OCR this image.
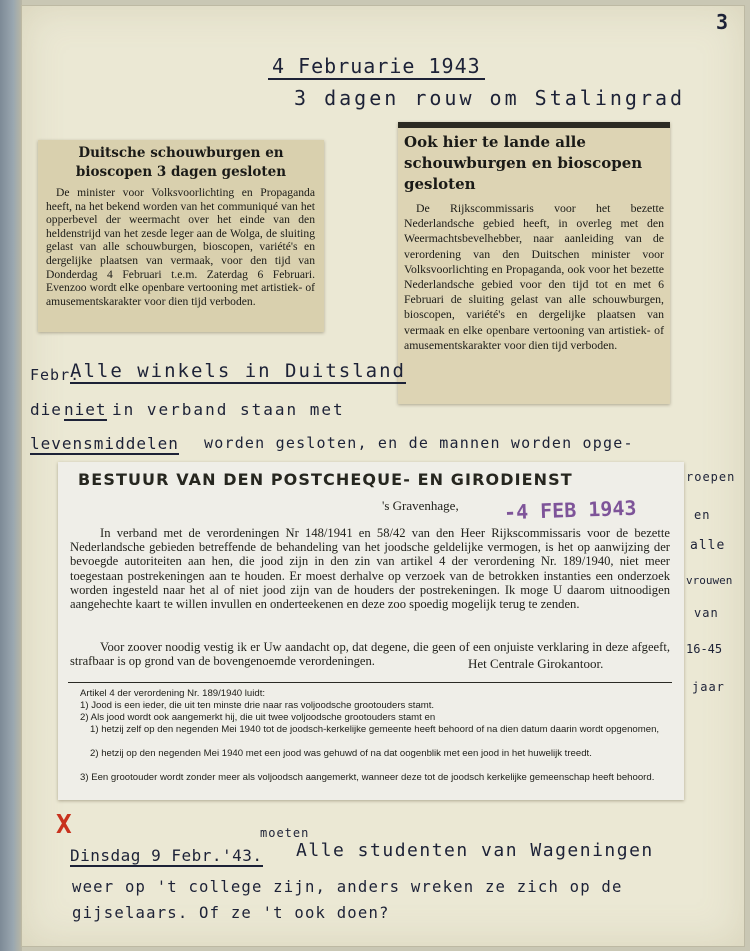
3
4 Februarie 1943
3 dagen rouw om Stalingrad
Duitsche schouwburgen en bioscopen 3 dagen gesloten
De minister voor Volksvoorlichting en Propaganda heeft, na het bekend worden van het communiqué van het opperbevel der weermacht over het einde van den heldenstrijd van het zesde leger aan de Wolga, de sluiting gelast van alle schouwburgen, bioscopen, variété's en dergelijke plaatsen van vermaak, voor den tijd van Donderdag 4 Februari t.e.m. Zaterdag 6 Februari. Evenzoo wordt elke openbare vertooning met artistiek- of amusementskarakter voor dien tijd verboden.
Ook hier te lande alle schouwburgen en bioscopen gesloten
De Rijkscommissaris voor het bezette Nederlandsche gebied heeft, in overleg met den Weermachtsbevelhebber, naar aanleiding van de verordening van den Duitschen minister voor Volksvoorlichting en Propaganda, ook voor het bezette Nederlandsche gebied voor den tijd tot en met 6 Februari de sluiting gelast van alle schouwburgen, bioscopen, variété's en dergelijke plaatsen van vermaak en elke openbare vertooning van artistiek- of amusementskarakter voor dien tijd verboden.
Febr.
Alle winkels in Duitsland
die niet in verband staan met
levensmiddelen worden gesloten, en de mannen worden opge-
roepen
en
alle
vrouwen
van
16-45
jaar
BESTUUR VAN DEN POSTCHEQUE- EN GIRODIENST
's Gravenhage, -4 FEB 1943
In verband met de verordeningen Nr 148/1941 en 58/42 van den Heer Rijkscommissaris voor de bezette Nederlandsche gebieden betreffende de behandeling van het joodsche geldelijke vermogen, is het op aanwijzing der bevoegde autoriteiten aan hen, die jood zijn in den zin van artikel 4 der verordening Nr. 189/1940, niet meer toegestaan postrekeningen aan te houden. Er moest derhalve op verzoek van de betrokken instanties een onderzoek worden ingesteld naar het al of niet jood zijn van de houders der postrekeningen. Ik moge U daarom uitnoodigen aangehechte kaart te willen invullen en onderteekenen en deze zoo spoedig mogelijk terug te zenden.
Voor zoover noodig vestig ik er Uw aandacht op, dat degene, die geen of een onjuiste verklaring in deze afgeeft, strafbaar is op grond van de bovengenoemde verordeningen.	Het Centrale Girokantoor.
Artikel 4 der verordening Nr. 189/1940 luidt:
1) Jood is een ieder, die uit ten minste drie naar ras voljoodsche grootouders stamt.
2) Als jood wordt ook aangemerkt hij, die uit twee voljoodsche grootouders stamt en
1) hetzij zelf op den negenden Mei 1940 tot de joodsch-kerkelijke gemeente heeft behoord of na dien datum daarin wordt opgenomen,
2) hetzij op den negenden Mei 1940 met een jood was gehuwd of na dat oogenblik met een jood in het huwelijk treedt.
3) Een grootouder wordt zonder meer als voljoodsch aangemerkt, wanneer deze tot de joodsch kerkelijke gemeenschap heeft behoord.
X	moeten
Dinsdag 9 Febr.'43. Alle studenten van Wageningen
weer op 't college zijn, anders wreken ze zich op de
gijselaars. Of ze 't ook doen?
